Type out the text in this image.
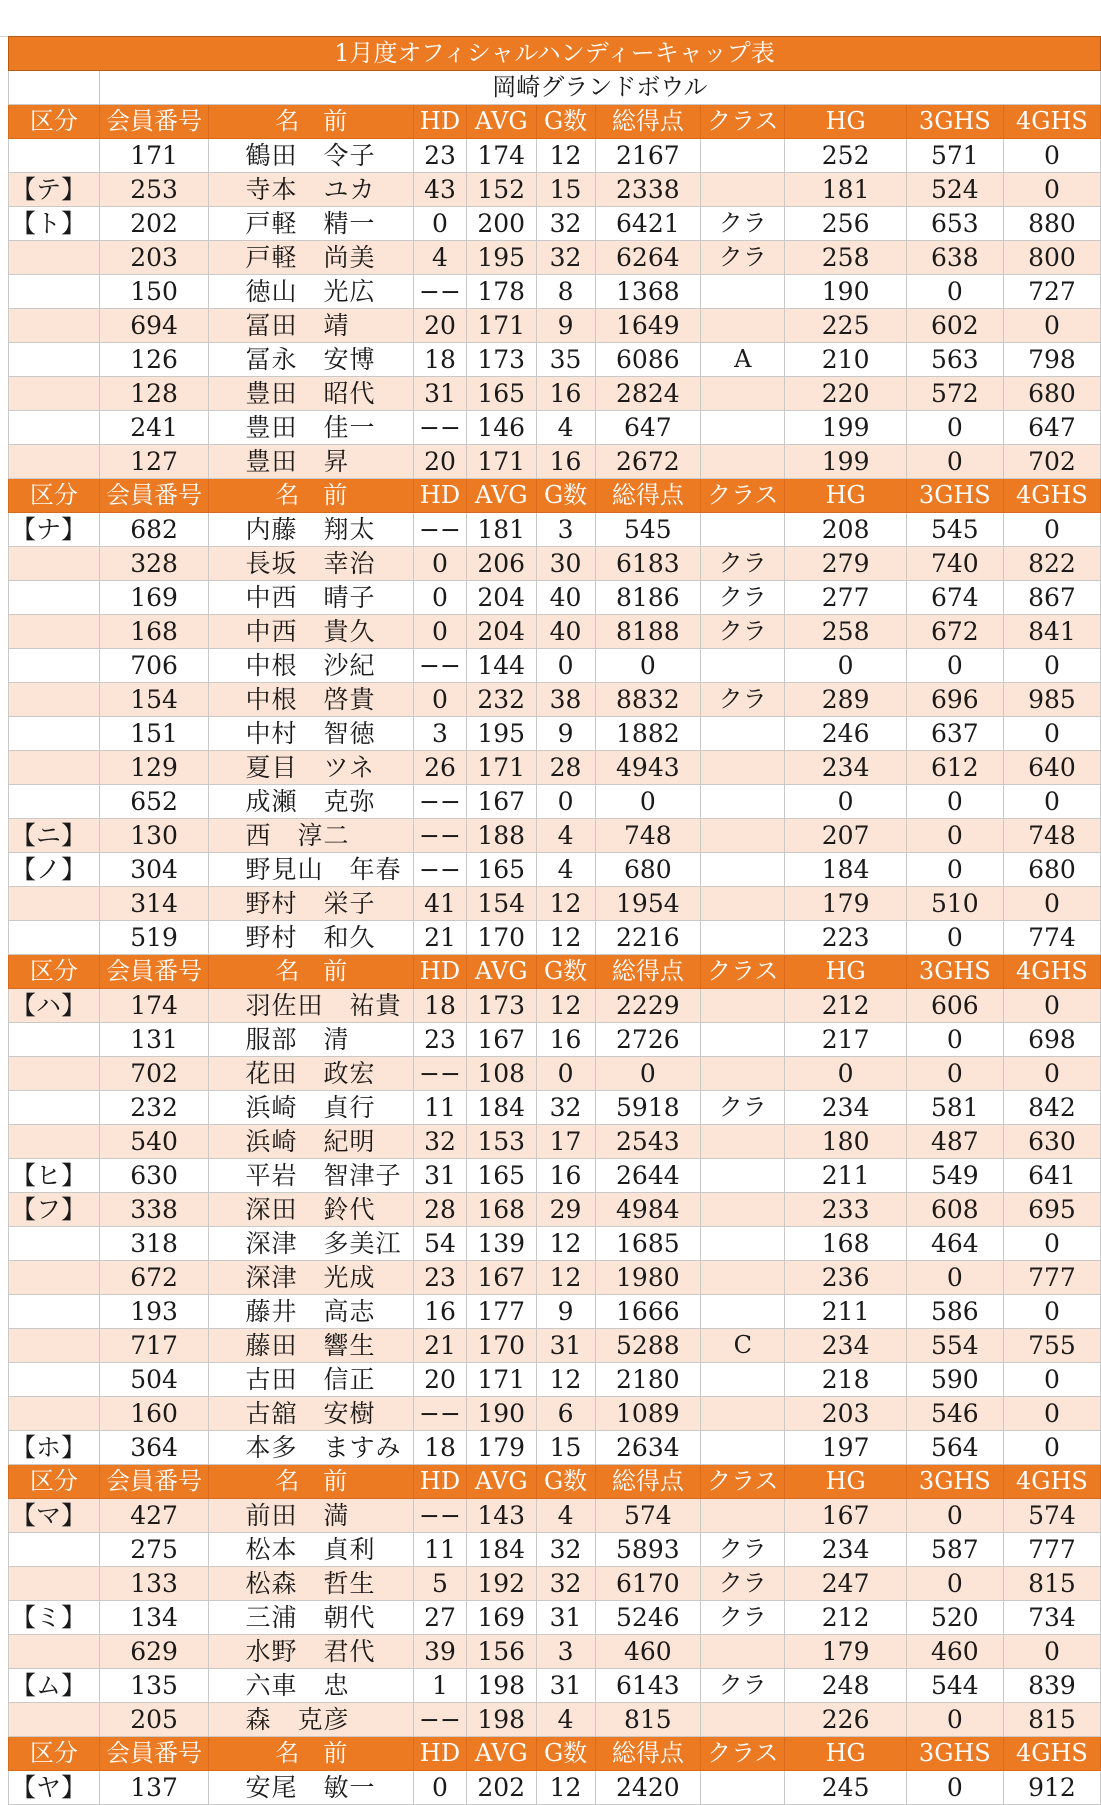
1月度オフィシャルハンディーキャップ表										
	岡崎グランドボウル									
区分	会員番号	名　前	HD	AVG	G数	総得点	クラス	HG	3GHS	4GHS
	171	鶴田　令子	23	174	12	2167		252	571	0
【テ】	253	寺本　ユカ	43	152	15	2338		181	524	0
【ト】	202	戸軽　精一	0	200	32	6421	クラ	256	653	880
	203	戸軽　尚美	4	195	32	6264	クラ	258	638	800
	150	徳山　光広	−−	178	8	1368		190	0	727
	694	冨田　靖	20	171	9	1649		225	602	0
	126	冨永　安博	18	173	35	6086	A	210	563	798
	128	豊田　昭代	31	165	16	2824		220	572	680
	241	豊田　佳一	−−	146	4	647		199	0	647
	127	豊田　昇	20	171	16	2672		199	0	702
区分	会員番号	名　前	HD	AVG	G数	総得点	クラス	HG	3GHS	4GHS
【ナ】	682	内藤　翔太	−−	181	3	545		208	545	0
	328	長坂　幸治	0	206	30	6183	クラ	279	740	822
	169	中西　晴子	0	204	40	8186	クラ	277	674	867
	168	中西　貴久	0	204	40	8188	クラ	258	672	841
	706	中根　沙紀	−−	144	0	0		0	0	0
	154	中根　啓貴	0	232	38	8832	クラ	289	696	985
	151	中村　智徳	3	195	9	1882		246	637	0
	129	夏目　ツネ	26	171	28	4943		234	612	640
	652	成瀬　克弥	−−	167	0	0		0	0	0
【ニ】	130	西　淳二	−−	188	4	748		207	0	748
【ノ】	304	野見山　年春	−−	165	4	680		184	0	680
	314	野村　栄子	41	154	12	1954		179	510	0
	519	野村　和久	21	170	12	2216		223	0	774
区分	会員番号	名　前	HD	AVG	G数	総得点	クラス	HG	3GHS	4GHS
【ハ】	174	羽佐田　祐貴	18	173	12	2229		212	606	0
	131	服部　清	23	167	16	2726		217	0	698
	702	花田　政宏	−−	108	0	0		0	0	0
	232	浜崎　貞行	11	184	32	5918	クラ	234	581	842
	540	浜崎　紀明	32	153	17	2543		180	487	630
【ヒ】	630	平岩　智津子	31	165	16	2644		211	549	641
【フ】	338	深田　鈴代	28	168	29	4984		233	608	695
	318	深津　多美江	54	139	12	1685		168	464	0
	672	深津　光成	23	167	12	1980		236	0	777
	193	藤井　高志	16	177	9	1666		211	586	0
	717	藤田　響生	21	170	31	5288	C	234	554	755
	504	古田　信正	20	171	12	2180		218	590	0
	160	古舘　安樹	−−	190	6	1089		203	546	0
【ホ】	364	本多　ますみ	18	179	15	2634		197	564	0
区分	会員番号	名　前	HD	AVG	G数	総得点	クラス	HG	3GHS	4GHS
【マ】	427	前田　満	−−	143	4	574		167	0	574
	275	松本　貞利	11	184	32	5893	クラ	234	587	777
	133	松森　哲生	5	192	32	6170	クラ	247	0	815
【ミ】	134	三浦　朝代	27	169	31	5246	クラ	212	520	734
	629	水野　君代	39	156	3	460		179	460	0
【ム】	135	六車　忠	1	198	31	6143	クラ	248	544	839
	205	森　克彦	−−	198	4	815		226	0	815
区分	会員番号	名　前	HD	AVG	G数	総得点	クラス	HG	3GHS	4GHS
【ヤ】	137	安尾　敏一	0	202	12	2420		245	0	912
